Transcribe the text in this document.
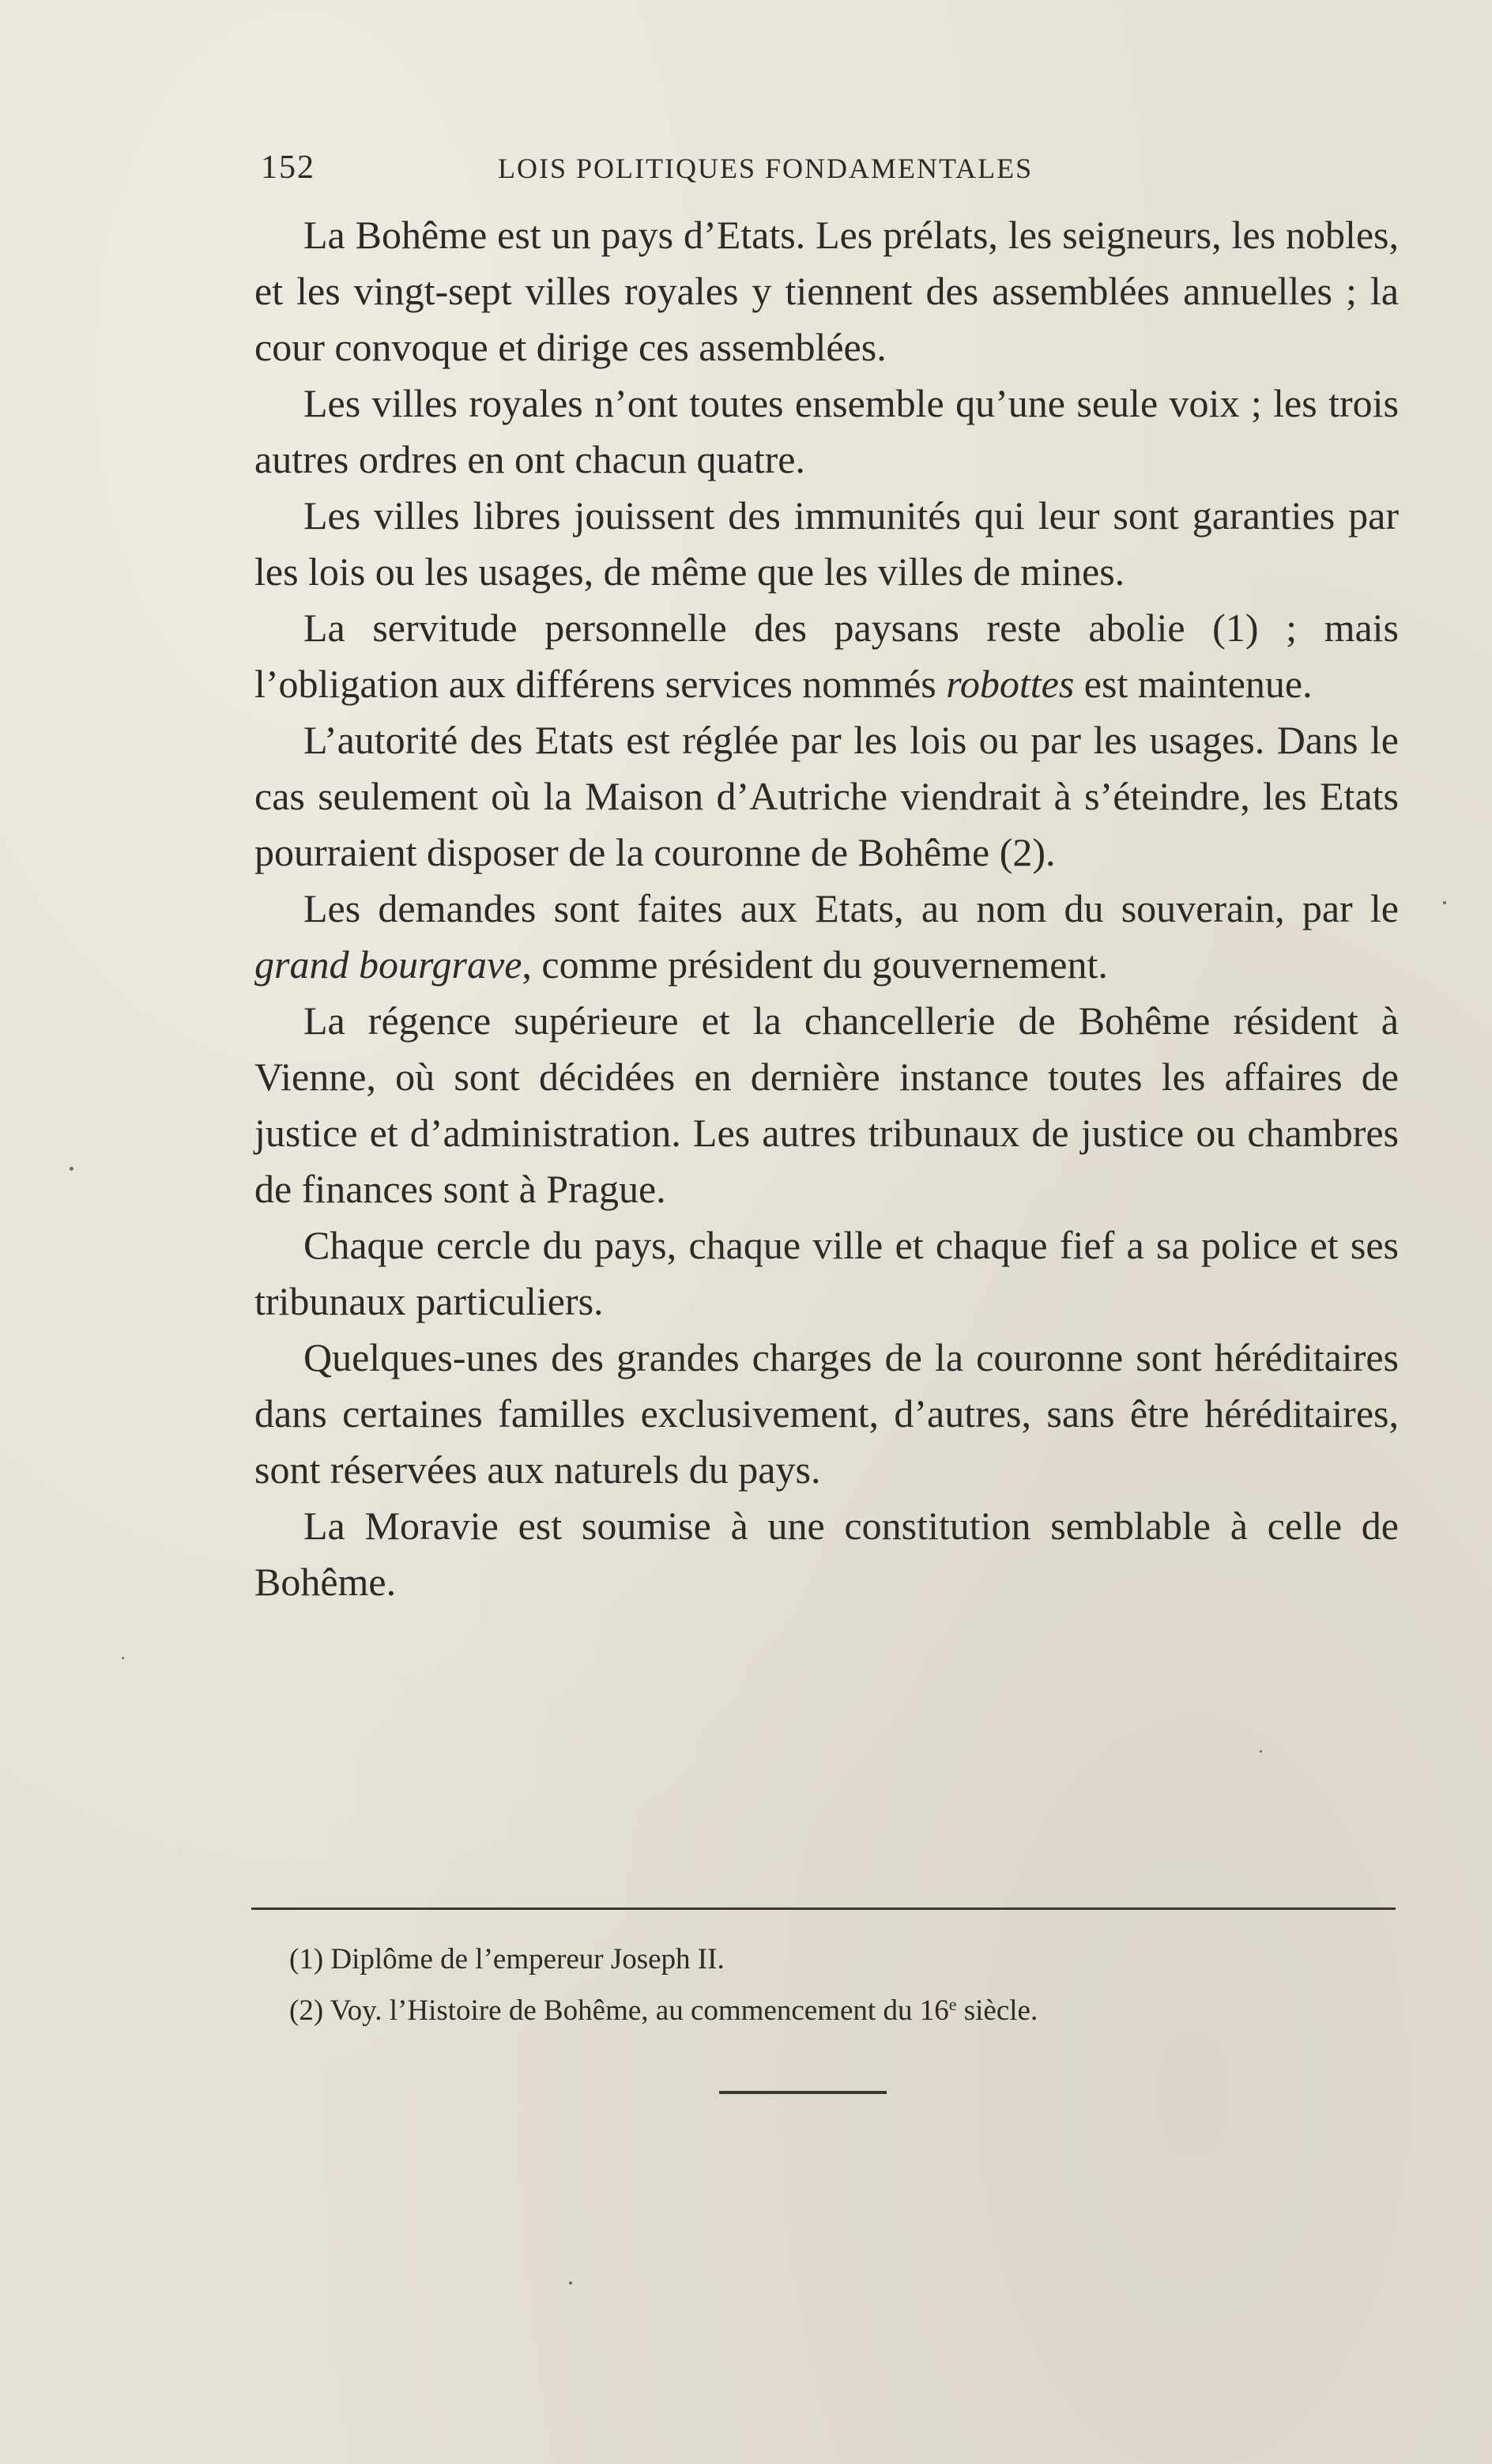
152	LOIS POLITIQUES FONDAMENTALES

La Bohême est un pays d’Etats. Les prélats, les seigneurs, les nobles, et les vingt-sept villes royales y tiennent des assemblées annuelles ; la cour convoque et dirige ces assemblées.

Les villes royales n’ont toutes ensemble qu’une seule voix ; les trois autres ordres en ont chacun quatre.

Les villes libres jouissent des immunités qui leur sont garanties par les lois ou les usages, de même que les villes de mines.

La servitude personnelle des paysans reste abolie (1) ; mais l’obligation aux différens services nommés robottes est maintenue.

L’autorité des Etats est réglée par les lois ou par les usages. Dans le cas seulement où la Maison d’Autriche viendrait à s’éteindre, les Etats pourraient disposer de la couronne de Bohême (2).

Les demandes sont faites aux Etats, au nom du souverain, par le grand bourgrave, comme président du gouvernement.

La régence supérieure et la chancellerie de Bohême résident à Vienne, où sont décidées en dernière instance toutes les affaires de justice et d’administration. Les autres tribunaux de justice ou chambres de finances sont à Prague.

Chaque cercle du pays, chaque ville et chaque fief a sa police et ses tribunaux particuliers.

Quelques-unes des grandes charges de la couronne sont héréditaires dans certaines familles exclusivement, d’autres, sans être héréditaires, sont réservées aux naturels du pays.

La Moravie est soumise à une constitution semblable à celle de Bohême.

(1) Diplôme de l’empereur Joseph II.
(2) Voy. l’Histoire de Bohême, au commencement du 16e siècle.
